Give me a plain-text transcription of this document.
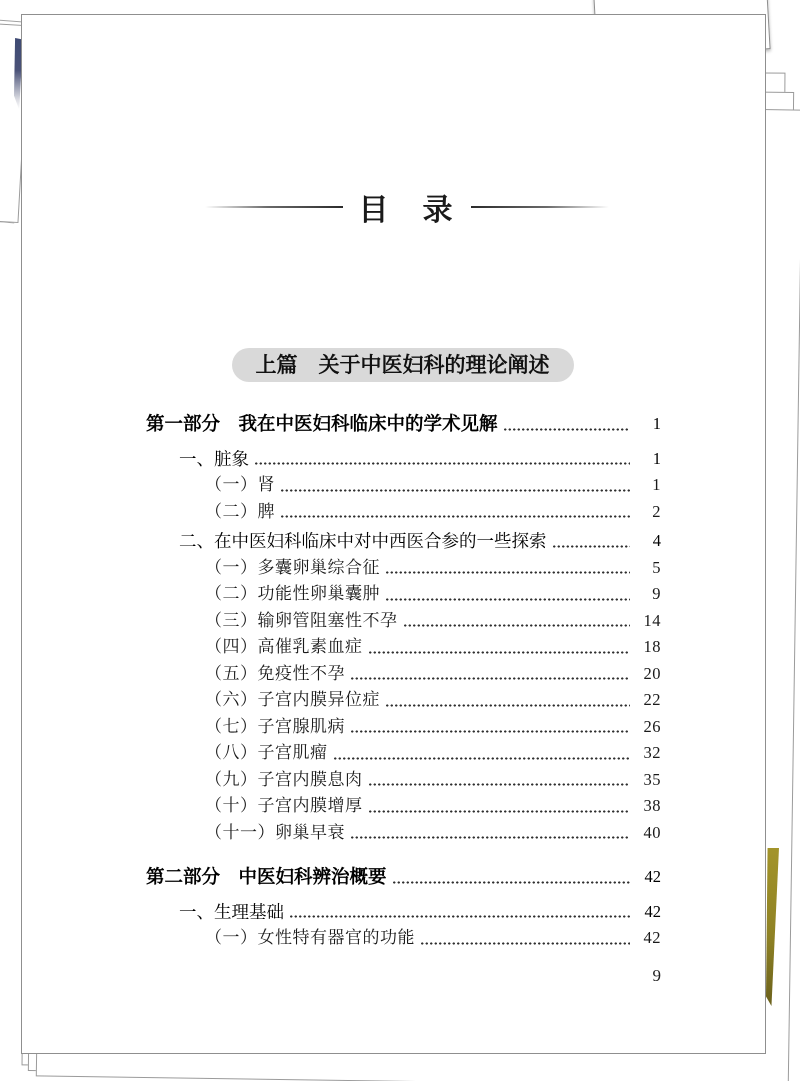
目　录
上篇　关于中医妇科的理论阐述
第一部分　我在中医妇科临床中的学术见解	1
一、脏象	1
（一）肾	1
（二）脾	2
二、在中医妇科临床中对中西医合参的一些探索	4
（一）多囊卵巢综合征	5
（二）功能性卵巢囊肿	9
（三）输卵管阻塞性不孕	14
（四）高催乳素血症	18
（五）免疫性不孕	20
（六）子宫内膜异位症	22
（七）子宫腺肌病	26
（八）子宫肌瘤	32
（九）子宫内膜息肉	35
（十）子宫内膜增厚	38
（十一）卵巢早衰	40
第二部分　中医妇科辨治概要	42
一、生理基础	42
（一）女性特有器官的功能	42
9
